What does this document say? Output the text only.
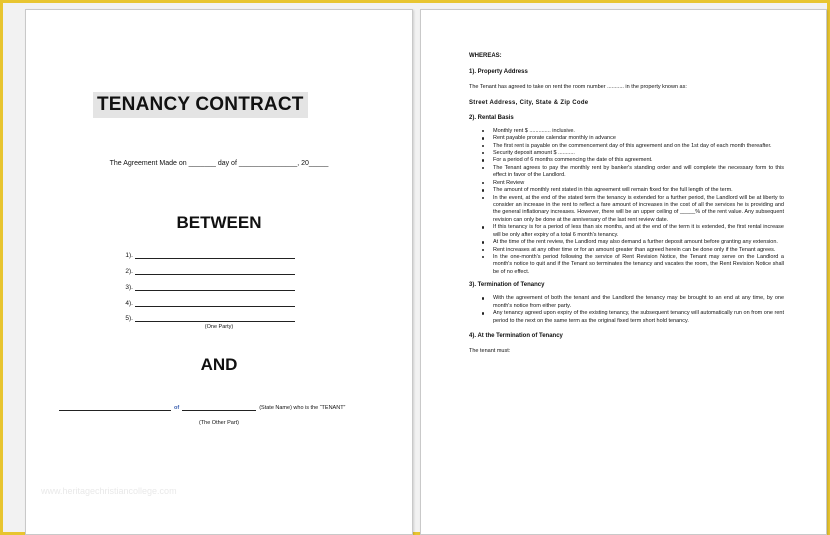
TENANCY CONTRACT
The Agreement Made on _______ day of _______________, 20_____
BETWEEN
1).
2).
3).
4).
5).
(One Party)
AND
of	(State Name) who is the “TENANT”
(The Other Part)
www.heritagechristiancollege.com

WHEREAS:

1). Property Address

The Tenant has agreed to take on rent the room number ........... in the property known as:

Street Address, City, State & Zip Code

2). Rental Basis

Monthly rent $ .............. inclusive.
Rent payable prorate calendar monthly in advance
The first rent is payable on the commencement day of this agreement and on the 1st day of each month thereafter.
Security deposit amount $ ...........
For a period of 6 months commencing the date of this agreement.
The Tenant agrees to pay the monthly rent by banker's standing order and will complete the necessary form to this effect in favor of the Landlord.
Rent Review
The amount of monthly rent stated in this agreement will remain fixed for the full length of the term.
In the event, at the end of the stated term the tenancy is extended for a further period, the Landlord will be at liberty to consider an increase in the rent to reflect a fare amount of increases in the cost of all the services he is providing and the general inflationary increases. However, there will be an upper ceiling of _____% of the rent value. Any subsequent revision can only be done at the anniversary of the last rent review date.
If this tenancy is for a period of less than six months, and at the end of the term it is extended, the first rental increase will be only after expiry of a total 6 month's tenancy.
At the time of the rent review, the Landlord may also demand a further deposit amount before granting any extension.
Rent increases at any other time or for an amount greater than agreed herein can be done only if the Tenant agrees.
In the one-month's period following the service of Rent Revision Notice, the Tenant may serve on the Landlord a month's notice to quit and if the Tenant so terminates the tenancy and vacates the room, the Rent Revision Notice shall be of no effect.

3). Termination of Tenancy

With the agreement of both the tenant and the Landlord the tenancy may be brought to an end at any time, by one month's notice from either party.
Any tenancy agreed upon expiry of the existing tenancy, the subsequent tenancy will automatically run on from one rent period to the next on the same term as the original fixed term short hold tenancy.

4). At the Termination of Tenancy

The tenant must:
